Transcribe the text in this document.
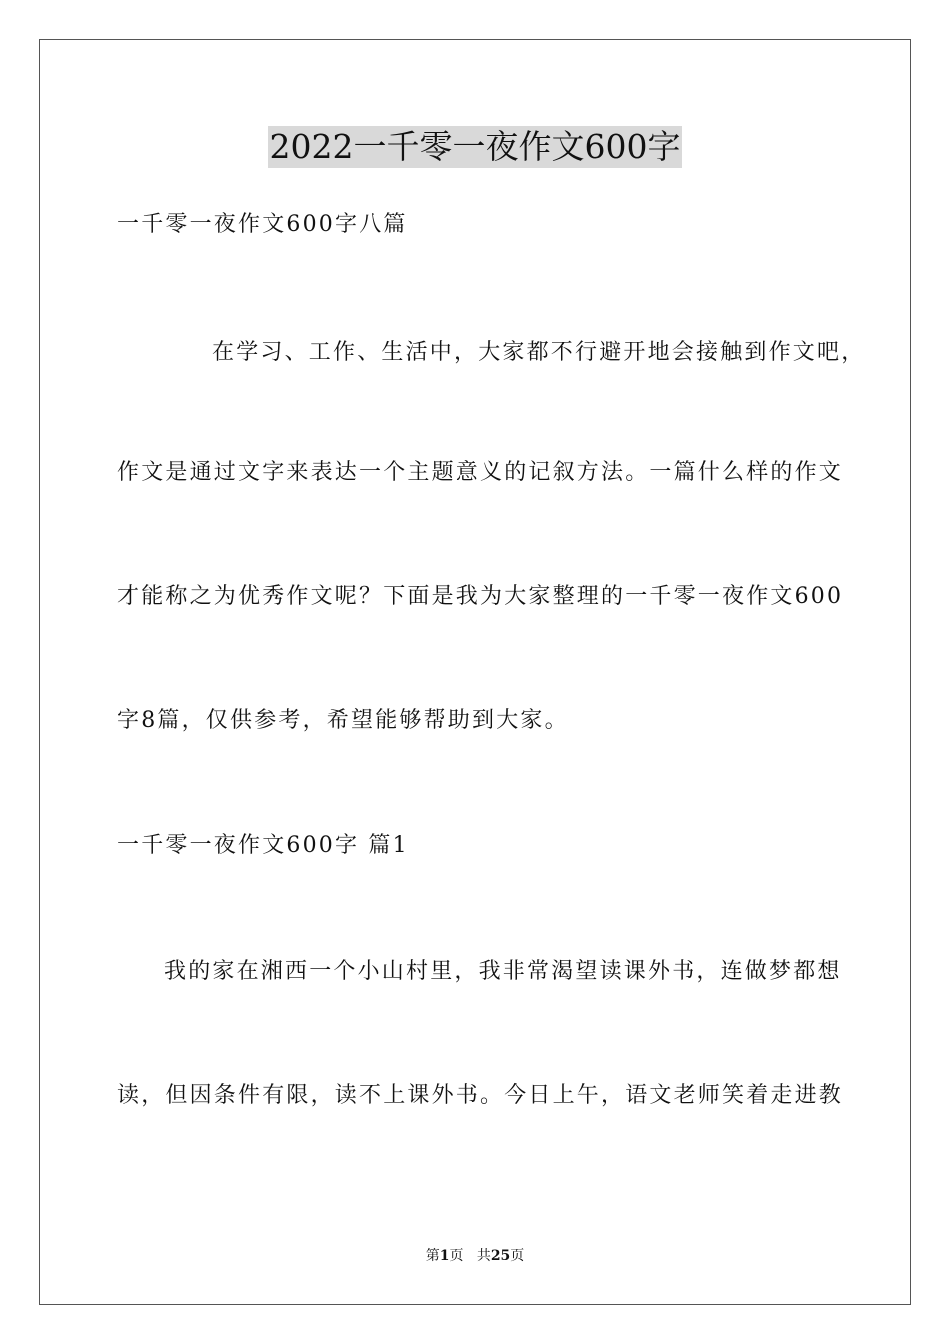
2022一千零一夜作文600字
一千零一夜作文600字八篇
在学习、工作、生活中，大家都不行避开地会接触到作文吧，
作文是通过文字来表达一个主题意义的记叙方法。一篇什么样的作文
才能称之为优秀作文呢？下面是我为大家整理的一千零一夜作文600
字8篇，仅供参考，希望能够帮助到大家。
一千零一夜作文600字 篇1
我的家在湘西一个小山村里，我非常渴望读课外书，连做梦都想
读，但因条件有限，读不上课外书。今日上午，语文老师笑着走进教
第1页 共25页
